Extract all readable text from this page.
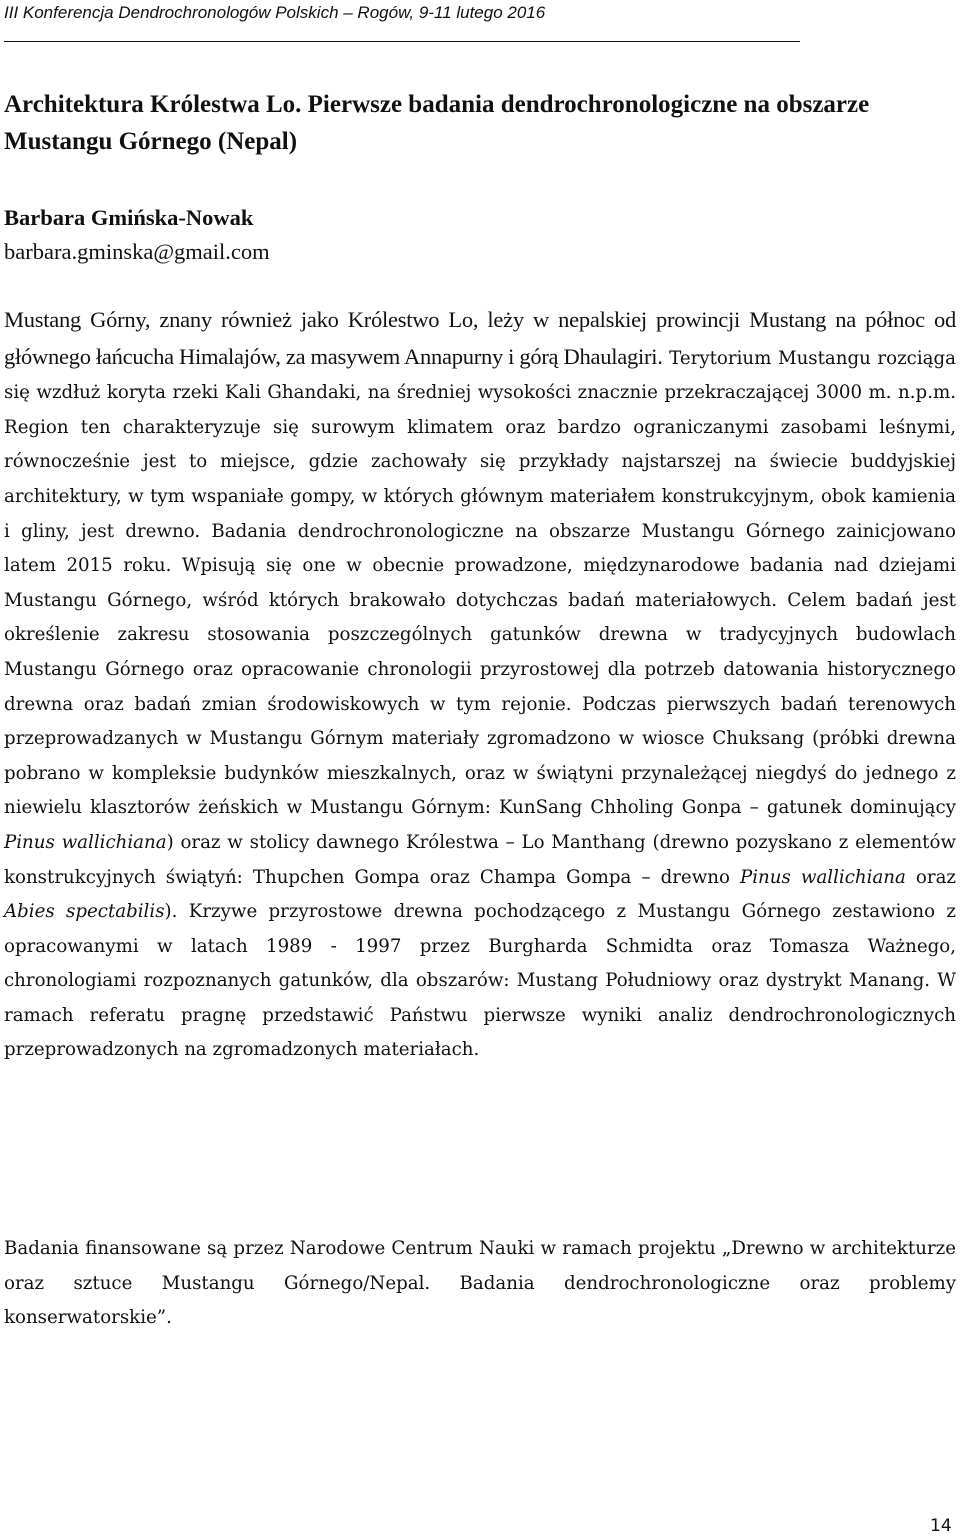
III Konferencja Dendrochronologów Polskich – Rogów, 9-11 lutego 2016
Architektura Królestwa Lo. Pierwsze badania dendrochronologiczne na obszarze Mustangu Górnego (Nepal)
Barbara Gmińska-Nowak
barbara.gminska@gmail.com

Mustang Górny, znany również jako Królestwo Lo, leży w nepalskiej prowincji Mustang na północ od głównego łańcucha Himalajów, za masywem Annapurny i górą Dhaulagiri. Terytorium Mustangu rozciąga się wzdłuż koryta rzeki Kali Ghandaki, na średniej wysokości znacznie przekraczającej 3000 m. n.p.m. Region ten charakteryzuje się surowym klimatem oraz bardzo ograniczanymi zasobami leśnymi, równocześnie jest to miejsce, gdzie zachowały się przykłady najstarszej na świecie buddyjskiej architektury, w tym wspaniałe gompy, w których głównym materiałem konstrukcyjnym, obok kamienia i gliny, jest drewno. Badania dendrochronologiczne na obszarze Mustangu Górnego zainicjowano latem 2015 roku. Wpisują się one w obecnie prowadzone, międzynarodowe badania nad dziejami Mustangu Górnego, wśród których brakowało dotychczas badań materiałowych. Celem badań jest określenie zakresu stosowania poszczególnych gatunków drewna w tradycyjnych budowlach Mustangu Górnego oraz opracowanie chronologii przyrostowej dla potrzeb datowania historycznego drewna oraz badań zmian środowiskowych w tym rejonie. Podczas pierwszych badań terenowych przeprowadzanych w Mustangu Górnym materiały zgromadzono w wiosce Chuksang (próbki drewna pobrano w kompleksie budynków mieszkalnych, oraz w świątyni przynależącej niegdyś do jednego z niewielu klasztorów żeńskich w Mustangu Górnym: KunSang Chholing Gonpa – gatunek dominujący Pinus wallichiana) oraz w stolicy dawnego Królestwa – Lo Manthang (drewno pozyskano z elementów konstrukcyjnych świątyń: Thupchen Gompa oraz Champa Gompa – drewno Pinus wallichiana oraz Abies spectabilis). Krzywe przyrostowe drewna pochodzącego z Mustangu Górnego zestawiono z opracowanymi w latach 1989 - 1997 przez Burgharda Schmidta oraz Tomasza Ważnego, chronologiami rozpoznanych gatunków, dla obszarów: Mustang Południowy oraz dystrykt Manang. W ramach referatu pragnę przedstawić Państwu pierwsze wyniki analiz dendrochronologicznych przeprowadzonych na zgromadzonych materiałach.

Badania finansowane są przez Narodowe Centrum Nauki w ramach projektu „Drewno w architekturze oraz sztuce Mustangu Górnego/Nepal. Badania dendrochronologiczne oraz problemy konserwatorskie”.

14
